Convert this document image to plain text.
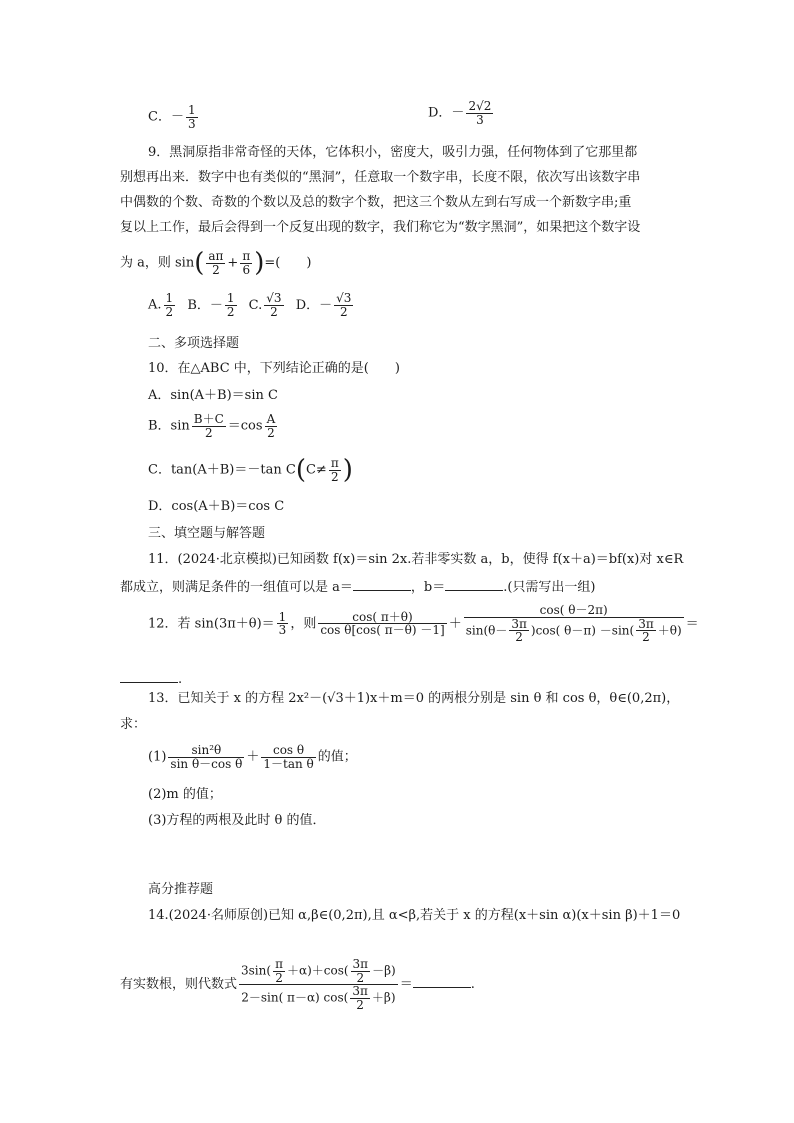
C．－ $\frac{1}{3}$	D．－ $\frac{2√2}{3}$
9．黑洞原指非常奇怪的天体，它体积小，密度大，吸引力强，任何物体到了它那里都
别想再出来．数字中也有类似的“黑洞”，任意取一个数字串，长度不限，依次写出该数字串
中偶数的个数、奇数的个数以及总的数字个数，把这三个数从左到右写成一个新数字串;重
复以上工作，最后会得到一个反复出现的数字，我们称它为“数字黑洞”，如果把这个数字设
为 a，则 $\sin( \frac{a\pi}{2} + \frac{\pi}{6}$ )=(　　)
A. $\frac{1}{2}$ B．－ $\frac{1}{2} C$. $\frac{√3}{2}$ D．－ $\frac{√3}{2}$
二、多项选择题
10．在△ABC 中，下列结论正确的是(　　)
A．sin(A＋B)＝sin C
B．$\sin \frac{B+C}{2} =\cos \frac{A}{2}$
C．tan(A＋B)＝－tan $C(C\ne \frac{\pi}{2}$ )
D．cos(A＋B)＝cos C
三、填空题与解答题
11．(2024·北京模拟)已知函数 f(x)＝sin 2x.若非零实数 a，b，使得 f(x＋a)＝bf(x)对 x∈R
都成立，则满足条件的一组值可以是 a＝	，b＝	.(只需写出一组)
12．若 $\sin(3\pi+\theta)= \frac{1}{3}$ ，则 $\frac{\cos( \pi+\theta)}{\text{cos θ[cos( π－θ) －1]}} + \frac{\cos( \theta-2\pi)}{\sin(\theta- \frac{3\pi}{2} )\cos( \theta-\pi) -\sin( \frac{3\pi}{2} +\theta)}$ ＝
.
13．已知关于 x 的方程 2x²－(√3＋1)x＋m＝0 的两根分别是 sin θ 和 cos θ，θ∈(0,2π)，
求：
$(1) \frac{\text{sin²θ}}{\text{sin θ－cos θ}} + \frac{\text{cos θ}}{\text{1－tan θ}}$ 的值；
(2)m 的值；
(3)方程的两根及此时 θ 的值．
高分推荐题
14.(2024·名师原创)已知 α,β∈(0,2π),且 α<β,若关于 x 的方程(x＋sin α)(x＋sin β)＋1＝0
有实数根，则代数式 $\frac{3\sin( \frac{\pi}{2} +\alpha)+\cos( \frac{3\pi}{2} -\beta)}{2-\sin( \pi-\alpha) \cos( \frac{3\pi}{2} +\beta)}$ ＝	.
